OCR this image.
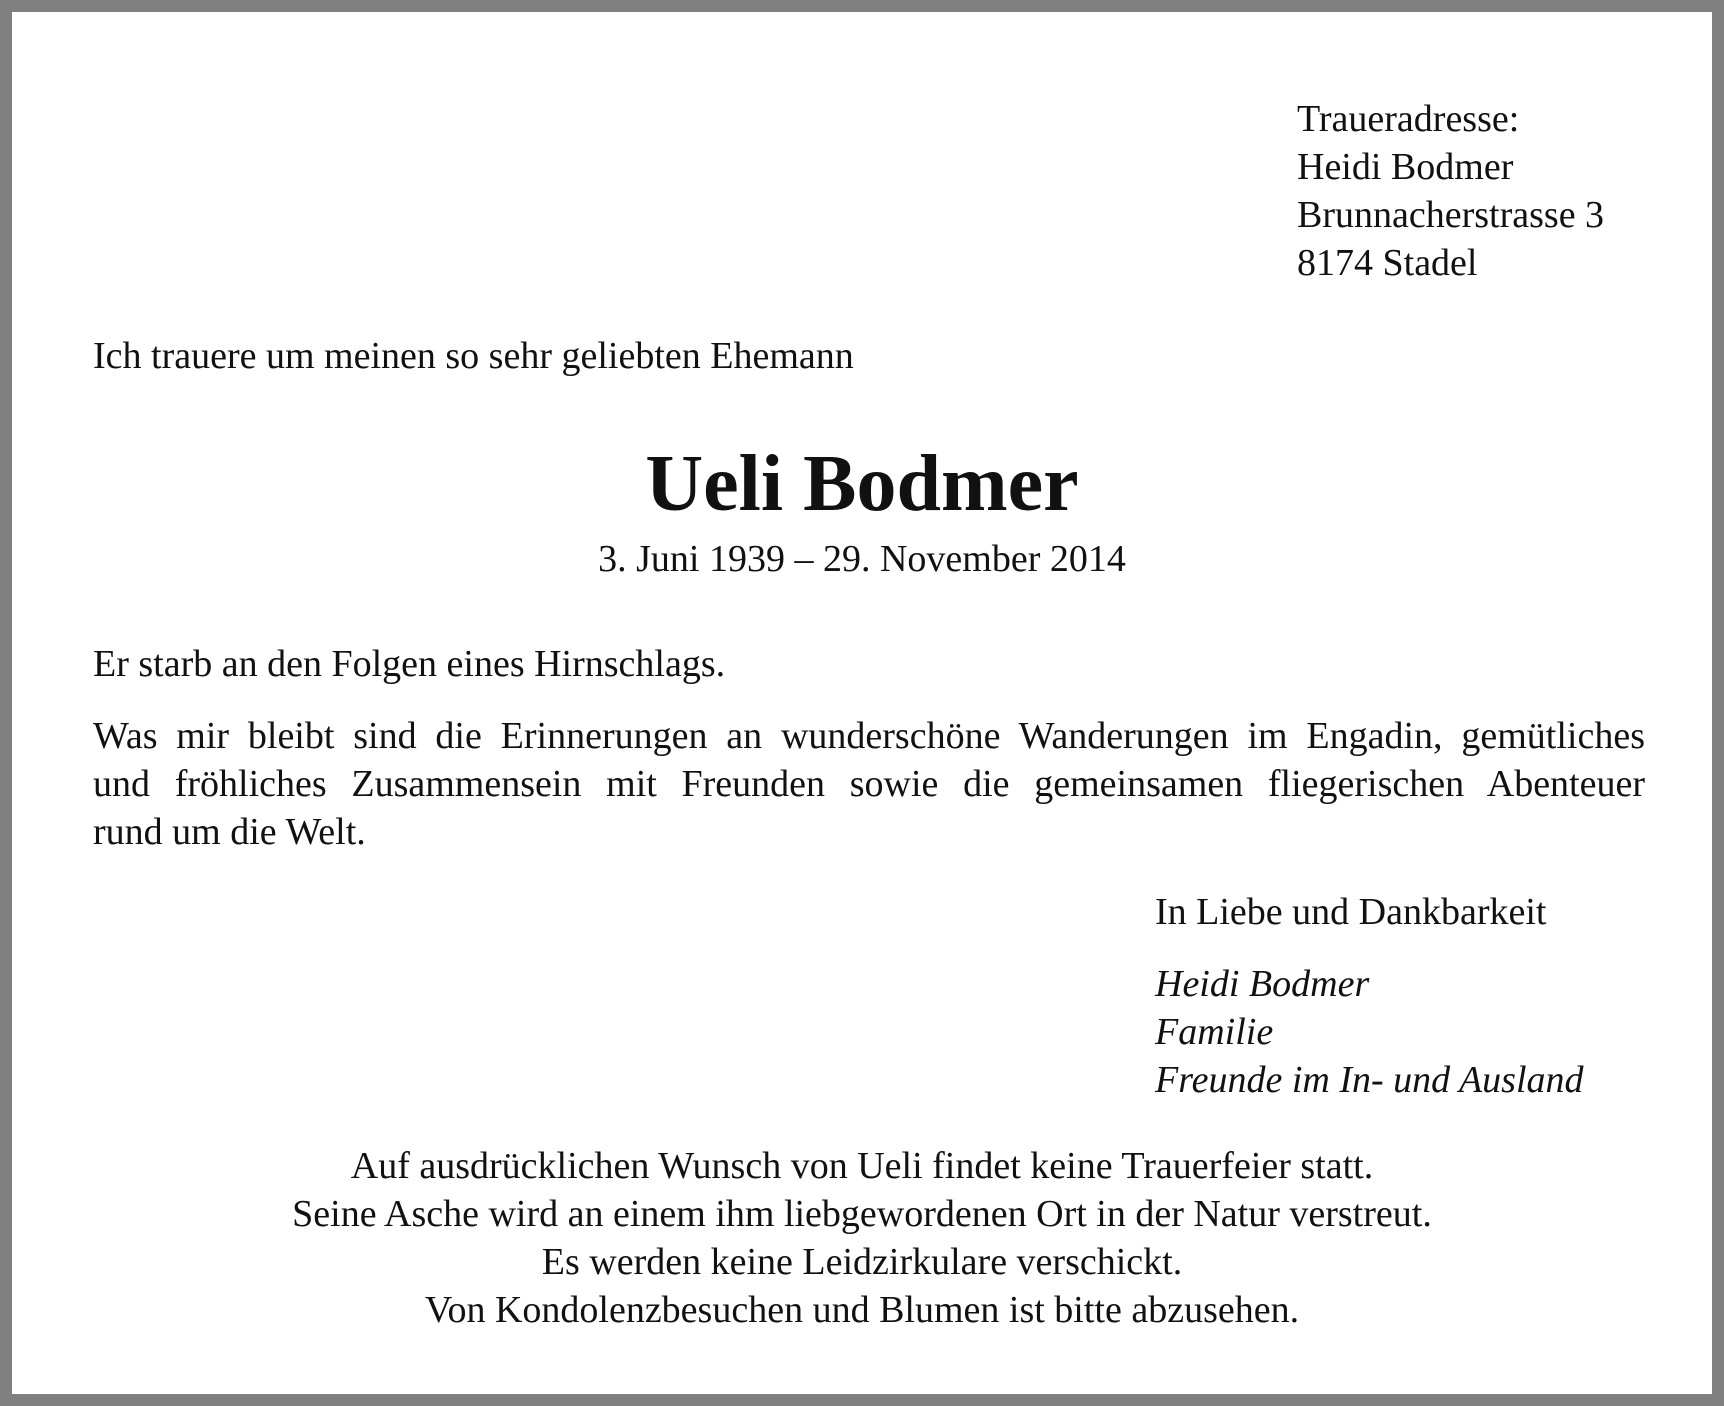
Traueradresse:
Heidi Bodmer
Brunnacherstrasse 3
8174 Stadel
Ich trauere um meinen so sehr geliebten Ehemann
Ueli Bodmer
3. Juni 1939 – 29. November 2014
Er starb an den Folgen eines Hirnschlags.
Was mir bleibt sind die Erinnerungen an wunderschöne Wanderungen im Engadin, gemütliches
und fröhliches Zusammensein mit Freunden sowie die gemeinsamen fliegerischen Abenteuer
rund um die Welt.
In Liebe und Dankbarkeit
Heidi Bodmer
Familie
Freunde im In- und Ausland
Auf ausdrücklichen Wunsch von Ueli findet keine Trauerfeier statt.
Seine Asche wird an einem ihm liebgewordenen Ort in der Natur verstreut.
Es werden keine Leidzirkulare verschickt.
Von Kondolenzbesuchen und Blumen ist bitte abzusehen.
